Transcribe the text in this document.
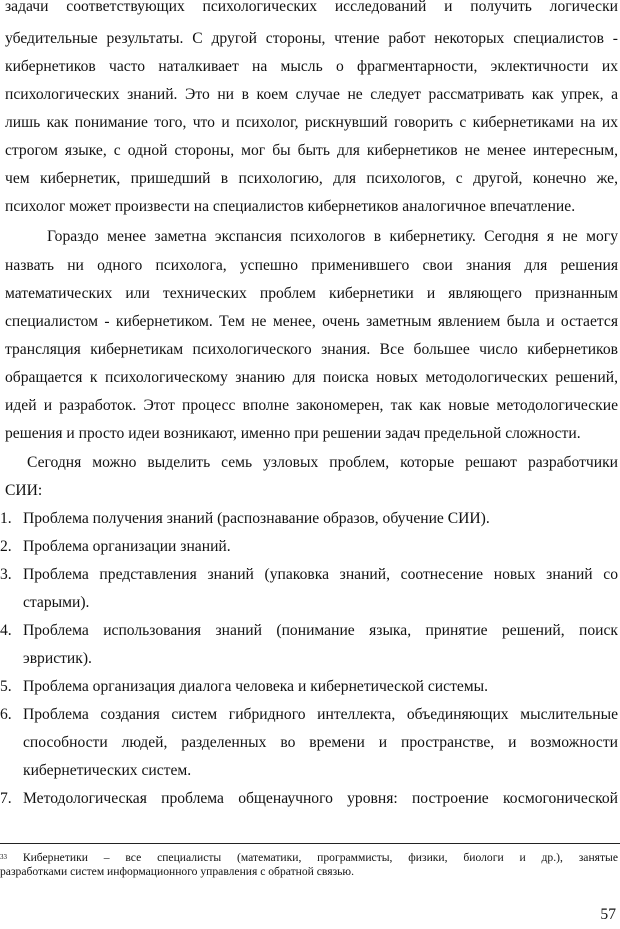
задачи соответствующих психологических исследований и получить логически
убедительные результаты. С другой стороны, чтение работ некоторых специалистов -
кибернетиков часто наталкивает на мысль о фрагментарности, эклектичности их
психологических знаний. Это ни в коем случае не следует рассматривать как упрек, а
лишь как понимание того, что и психолог, рискнувший говорить с кибернетиками на их
строгом языке, с одной стороны, мог бы быть для кибернетиков не менее интересным,
чем кибернетик, пришедший в психологию, для психологов, с другой, конечно же,
психолог может произвести на специалистов кибернетиков аналогичное впечатление.
Гораздо менее заметна экспансия психологов в кибернетику. Сегодня я не могу
назвать ни одного психолога, успешно применившего свои знания для решения
математических или технических проблем кибернетики и являющего признанным
специалистом - кибернетиком. Тем не менее, очень заметным явлением была и остается
трансляция кибернетикам психологического знания. Все большее число кибернетиков
обращается к психологическому знанию для поиска новых методологических решений,
идей и разработок. Этот процесс вполне закономерен, так как новые методологические
решения и просто идеи возникают, именно при решении задач предельной сложности.
Сегодня можно выделить семь узловых проблем, которые решают разработчики
СИИ:
1. Проблема получения знаний (распознавание образов, обучение СИИ).
2. Проблема организации знаний.
3. Проблема представления знаний (упаковка знаний, соотнесение новых знаний со
старыми).
4. Проблема использования знаний (понимание языка, принятие решений, поиск
эвристик).
5. Проблема организация диалога человека и кибернетической системы.
6. Проблема создания систем гибридного интеллекта, объединяющих мыслительные
способности людей, разделенных во времени и пространстве, и возможности
кибернетических систем.
7. Методологическая проблема общенаучного уровня: построение космогонической
$^{33}$ Кибернетики – все специалисты (математики, программисты, физики, биологи и др.), занятые
разработками систем информационного управления с обратной связью.
57
